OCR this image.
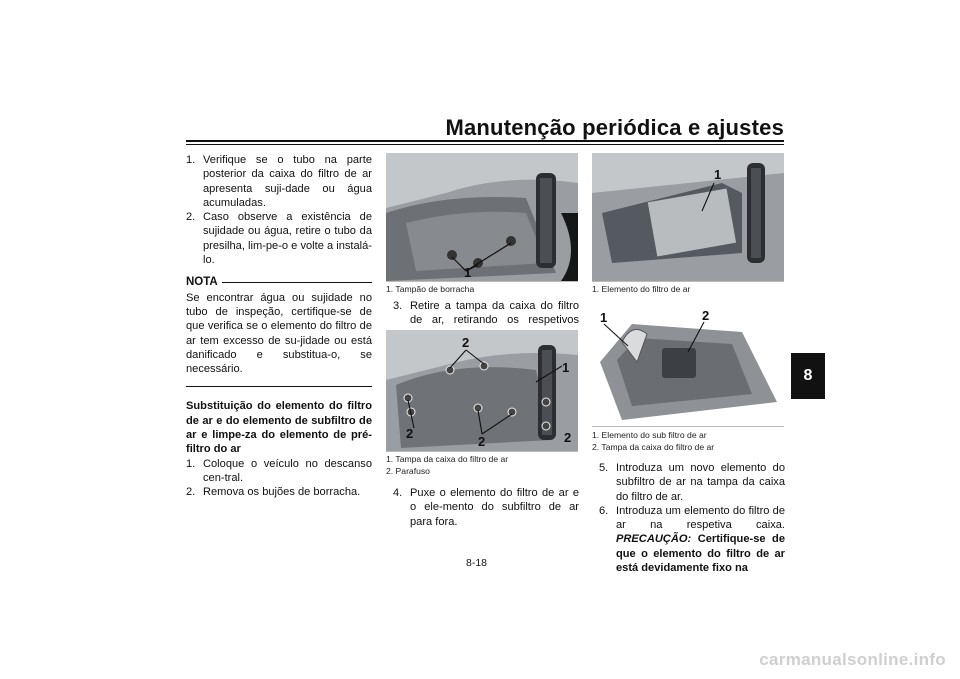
Manutenção periódica e ajustes
8
1. Verifique se o tubo na parte posterior da caixa do filtro de ar apresenta suji-dade ou água acumuladas.
2. Caso observe a existência de sujidade ou água, retire o tubo da presilha, lim-pe-o e volte a instalá-lo.
NOTA
Se encontrar água ou sujidade no tubo de inspeção, certifique-se de que verifica se o elemento do filtro de ar tem excesso de su-jidade ou está danificado e substitua-o, se necessário.
Substituição do elemento do filtro de ar e do elemento de subfiltro de ar e limpe-za do elemento de pré-filtro do ar
1. Coloque o veículo no descanso cen-tral.
2. Remova os bujões de borracha.
1
1. Tampão de borracha
3. Retire a tampa da caixa do filtro de ar, retirando os respetivos
2
1
2
2	2
1. Tampa da caixa do filtro de ar
2. Parafuso
4. Puxe o elemento do filtro de ar e o ele-mento do subfiltro de ar para fora.
1
1. Elemento do filtro de ar
1	2
1. Elemento do sub filtro de ar
2. Tampa da caixa do filtro de ar
5. Introduza um novo elemento do subfiltro de ar na tampa da caixa do filtro de ar.
6. Introduza um elemento do filtro de ar na respetiva caixa. PRECAUÇÃO: Certifique-se de que o elemento do filtro de ar está devidamente fixo na
8-18
carmanualsonline.info
